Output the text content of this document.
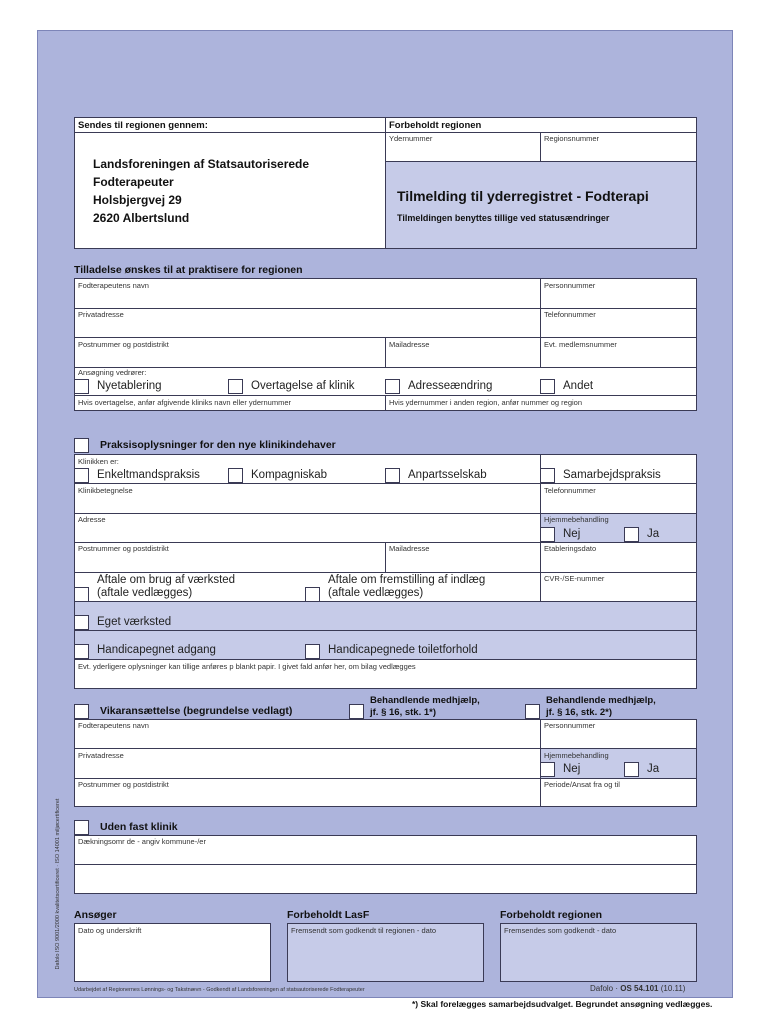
Sendes til regionen gennem:	Forbeholdt regionen
Ydernummer	Regionsnummer
Landsforeningen af Statsautoriserede
Fodterapeuter
Holsbjergvej 29
2620 Albertslund
Tilmelding til yderregistret - Fodterapi
Tilmeldingen benyttes tillige ved statusændringer
Tilladelse ønskes til at praktisere for regionen
Fodterapeutens navn	Personnummer
Privatadresse	Telefonnummer
Postnummer og postdistrikt	Mailadresse	Evt. medlemsnummer
Ansøgning vedrører:
Nyetablering	Overtagelse af klinik	Adresseændring	Andet
Hvis overtagelse, anfør afgivende kliniks navn eller ydernummer	Hvis ydernummer i anden region, anfør nummer og region
Praksisoplysninger for den nye klinikindehaver
Klinikken er:
Enkeltmandspraksis	Kompagniskab	Anpartsselskab	Samarbejdspraksis
Klinikbetegnelse	Telefonnummer
Adresse	Hjemmebehandling
Nej	Ja
Postnummer og postdistrikt	Mailadresse	Etableringsdato
Aftale om brug af værksted
(aftale vedlægges)
Aftale om fremstilling af indlæg
(aftale vedlægges)
CVR-/SE-nummer
Eget værksted
Handicapegnet adgang	Handicapegnede toiletforhold
Evt. yderligere oplysninger kan tillige anføres p blankt papir. I givet fald anfør her, om bilag vedlægges
Vikaransættelse (begrundelse vedlagt)
Behandlende medhjælp,
jf. § 16, stk. 1*)
Behandlende medhjælp,
jf. § 16, stk. 2*)
Fodterapeutens navn	Personnummer
Privatadresse	Hjemmebehandling
Nej	Ja
Postnummer og postdistrikt	Periode/Ansat fra og til
Uden fast klinik
Dækningsomr de - angiv kommune-/er
Ansøger	Forbeholdt LasF	Forbeholdt regionen
Dato og underskrift	Fremsendt som godkendt til regionen - dato	Fremsendes som godkendt - dato
Udarbejdet af Regionernes Lønnings- og Takstnævn - Godkendt af Landsforeningen af statsautoriserede Fodterapeuter	Dafolo · OS 54.101 (10.11)
Dafolo ISO 9001/2000 kvalitetscertificeret · ISO 14001 miljøcertificeret
*) Skal forelægges samarbejdsudvalget. Begrundet ansøgning vedlægges.
